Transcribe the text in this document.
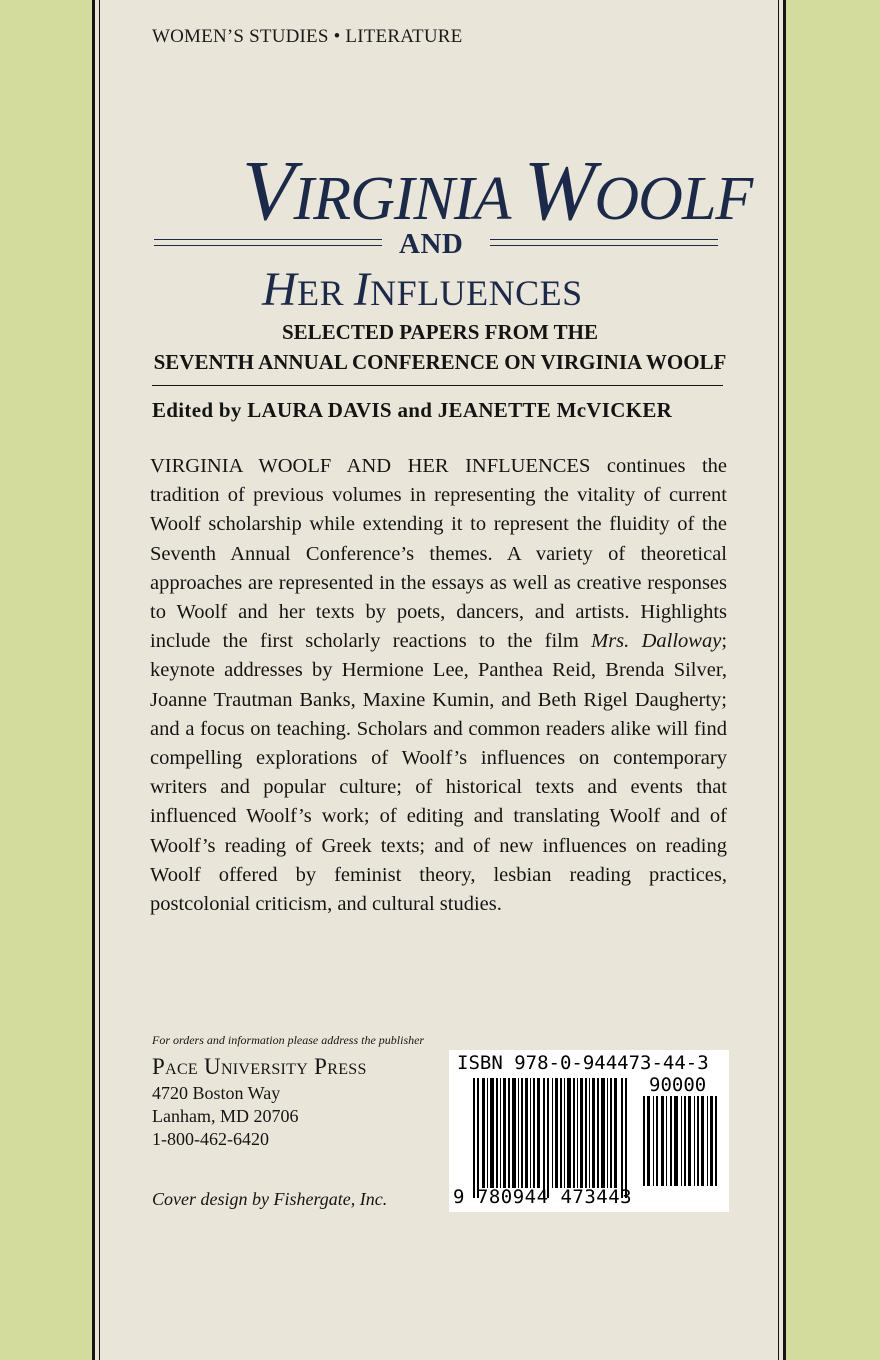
WOMEN’S STUDIES • LITERATURE
VIRGINIA WOOLF
AND
HER INFLUENCES
SELECTED PAPERS FROM THE
SEVENTH ANNUAL CONFERENCE ON VIRGINIA WOOLF
Edited by LAURA DAVIS and JEANETTE McVICKER
VIRGINIA WOOLF AND HER INFLUENCES continues the tradition of previous volumes in representing the vitality of current Woolf scholarship while extending it to represent the fluidity of the Seventh Annual Conference’s themes. A variety of theoretical approaches are represented in the essays as well as creative responses to Woolf and her texts by poets, dancers, and artists. Highlights include the first scholarly reactions to the film Mrs. Dalloway; keynote addresses by Hermione Lee, Panthea Reid, Brenda Silver, Joanne Trautman Banks, Maxine Kumin, and Beth Rigel Daugherty; and a focus on teaching. Scholars and common readers alike will find compelling explorations of Woolf’s influences on contemporary writers and popular culture; of historical texts and events that influenced Woolf’s work; of editing and translating Woolf and of Woolf’s reading of Greek texts; and of new influences on reading Woolf offered by feminist theory, lesbian reading practices, postcolonial criticism, and cultural studies.
For orders and information please address the publisher
Pace University Press
4720 Boston Way
Lanham, MD 20706
1-800-462-6420
Cover design by Fishergate, Inc.
ISBN 978-0-944473-44-3
90000
9 780944 473443
